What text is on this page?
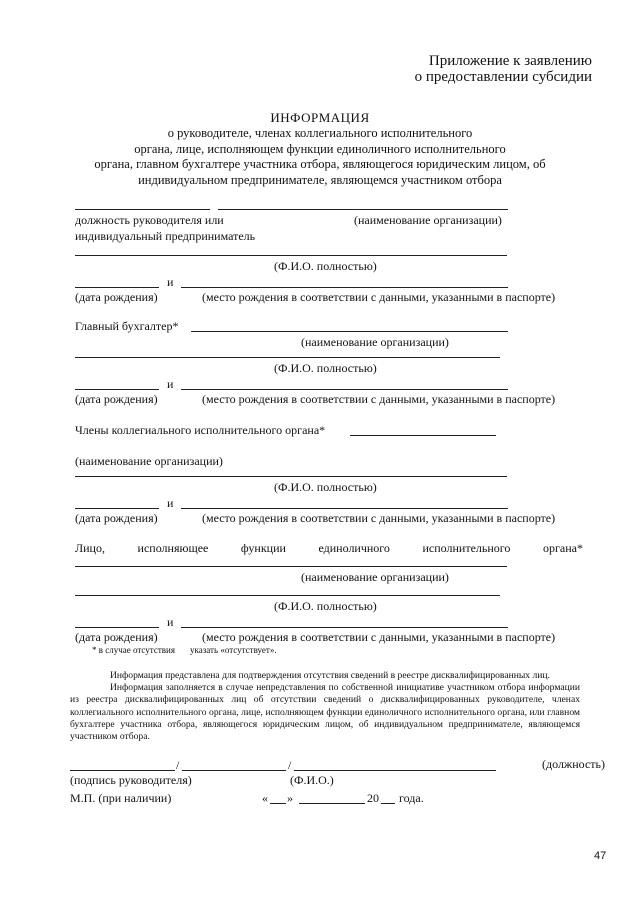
Приложение к заявлению
о предоставлении субсидии
ИНФОРМАЦИЯ
о руководителе, членах коллегиального исполнительного
органа, лице, исполняющем функции единоличного исполнительного
органа, главном бухгалтере участника отбора, являющегося юридическим лицом, об
индивидуальном предпринимателе, являющемся участником отбора
должность руководителя или	(наименование организации)
индивидуальный предприниматель
(Ф.И.О. полностью)
и
(дата рождения)	(место рождения в соответствии с данными, указанными в паспорте)
Главный бухгалтер*
(наименование организации)
(Ф.И.О. полностью)
и
(дата рождения)	(место рождения в соответствии с данными, указанными в паспорте)
Члены коллегиального исполнительного органа*
(наименование организации)
(Ф.И.О. полностью)
и
(дата рождения)	(место рождения в соответствии с данными, указанными в паспорте)
Лицо,	исполняющее	функции	единоличного	исполнительного	органа*
(наименование организации)
(Ф.И.О. полностью)
и
(дата рождения)	(место рождения в соответствии с данными, указанными в паспорте)
* в случае отсутствия указать «отсутствует».

Информация представлена для подтверждения отсутствия сведений в реестре дисквалифицированных лиц.

Информация заполняется в случае непредставления по собственной инициативе участником отбора информации из реестра дисквалифицированных лиц об отсутствии сведений о дисквалифицированных руководителе, членах коллегиального исполнительного органа, лице, исполняющем функции единоличного исполнительного органа, или главном бухгалтере участника отбора, являющегося юридическим лицом, об индивидуальном предпринимателе, являющемся участником отбора.

/	/	(должность)
(подпись руководителя)	(Ф.И.О.)
М.П. (при наличии)	« »	20 года.
47
